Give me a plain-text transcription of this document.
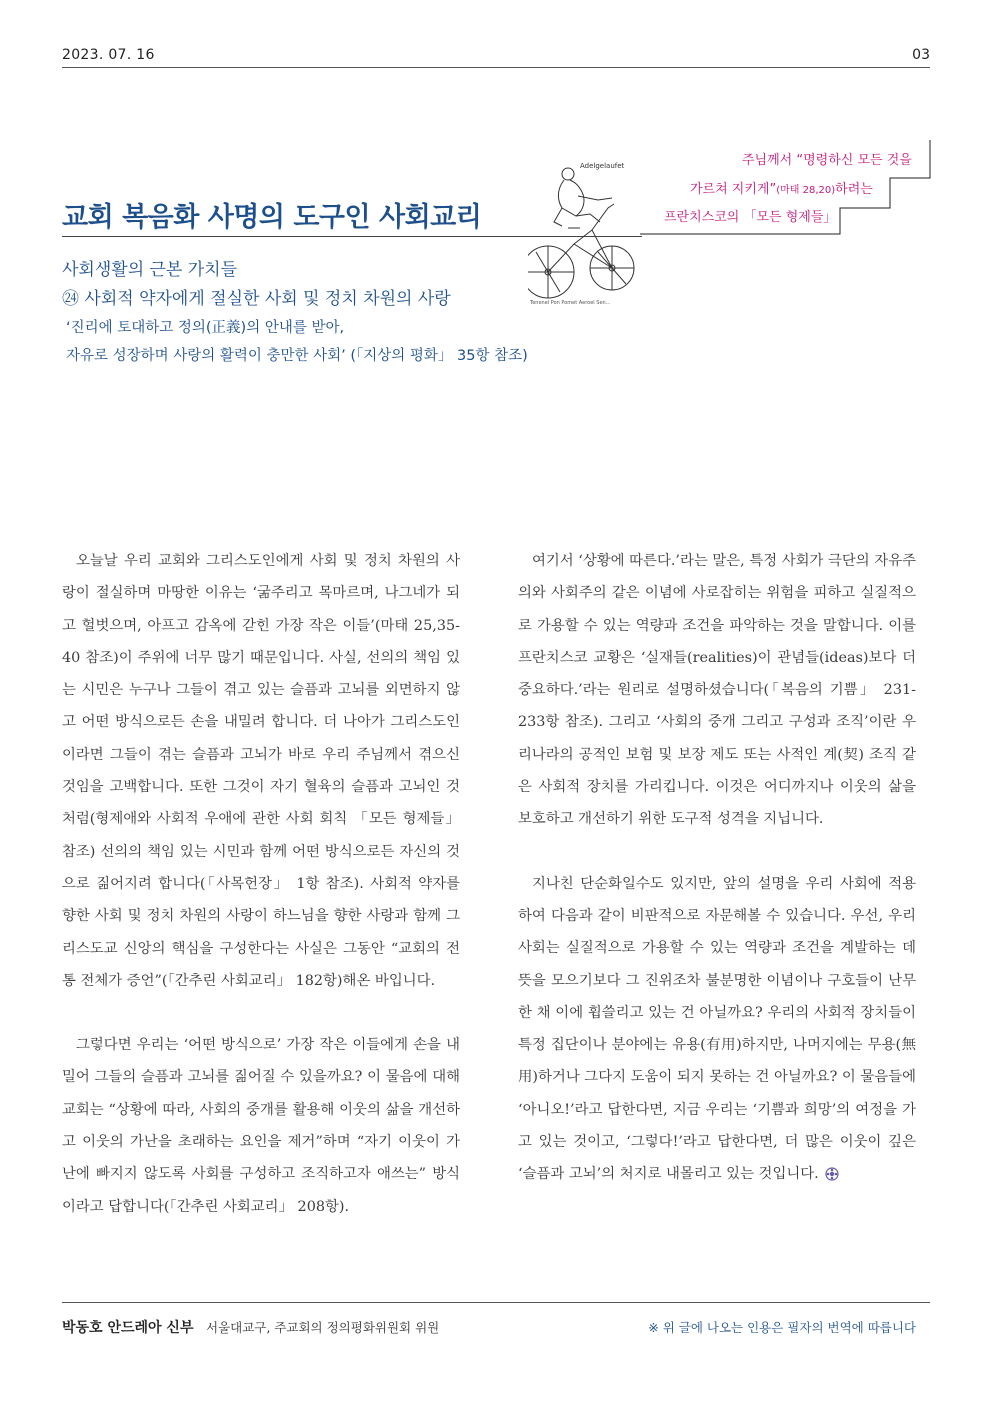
2023. 07. 16	03
교회 복음화 사명의 도구인 사회교리
사회생활의 근본 가치들
㉔ 사회적 약자에게 절실한 사회 및 정치 차원의 사랑
‘진리에 토대하고 정의(正義)의 안내를 받아,
자유로 성장하며 사랑의 활력이 충만한 사회’ (「지상의 평화」 35항 참조)
Adelgelaufet
Tenenel Pon Pomet Aeroel Sen...
주님께서 “명령하신 모든 것을
가르쳐 지키게”(마태 28,20)하려는
프란치스코의 「모든 형제들」

오늘날 우리 교회와 그리스도인에게 사회 및 정치 차원의 사랑이 절실하며 마땅한 이유는 ‘굶주리고 목마르며, 나그네가 되고 헐벗으며, 아프고 감옥에 갇힌 가장 작은 이들’(마태 25,35-40 참조)이 주위에 너무 많기 때문입니다. 사실, 선의의 책임 있는 시민은 누구나 그들이 겪고 있는 슬픔과 고뇌를 외면하지 않고 어떤 방식으로든 손을 내밀려 합니다. 더 나아가 그리스도인이라면 그들이 겪는 슬픔과 고뇌가 바로 우리 주님께서 겪으신 것임을 고백합니다. 또한 그것이 자기 혈육의 슬픔과 고뇌인 것처럼(형제애와 사회적 우애에 관한 사회 회칙 「모든 형제들」 참조) 선의의 책임 있는 시민과 함께 어떤 방식으로든 자신의 것으로 짊어지려 합니다(「사목헌장」 1항 참조). 사회적 약자를 향한 사회 및 정치 차원의 사랑이 하느님을 향한 사랑과 함께 그리스도교 신앙의 핵심을 구성한다는 사실은 그동안 “교회의 전통 전체가 증언”(「간추린 사회교리」 182항)해온 바입니다.

그렇다면 우리는 ‘어떤 방식으로’ 가장 작은 이들에게 손을 내밀어 그들의 슬픔과 고뇌를 짊어질 수 있을까요? 이 물음에 대해 교회는 “상황에 따라, 사회의 중개를 활용해 이웃의 삶을 개선하고 이웃의 가난을 초래하는 요인을 제거”하며 “자기 이웃이 가난에 빠지지 않도록 사회를 구성하고 조직하고자 애쓰는” 방식이라고 답합니다(「간추린 사회교리」 208항).

여기서 ‘상황에 따른다.’라는 말은, 특정 사회가 극단의 자유주의와 사회주의 같은 이념에 사로잡히는 위험을 피하고 실질적으로 가용할 수 있는 역량과 조건을 파악하는 것을 말합니다. 이를 프란치스코 교황은 ‘실재들(realities)이 관념들(ideas)보다 더 중요하다.’라는 원리로 설명하셨습니다(「복음의 기쁨」 231-233항 참조). 그리고 ‘사회의 중개 그리고 구성과 조직’이란 우리나라의 공적인 보험 및 보장 제도 또는 사적인 계(契) 조직 같은 사회적 장치를 가리킵니다. 이것은 어디까지나 이웃의 삶을 보호하고 개선하기 위한 도구적 성격을 지닙니다.

지나친 단순화일수도 있지만, 앞의 설명을 우리 사회에 적용하여 다음과 같이 비판적으로 자문해볼 수 있습니다. 우선, 우리 사회는 실질적으로 가용할 수 있는 역량과 조건을 계발하는 데 뜻을 모으기보다 그 진위조차 불분명한 이념이나 구호들이 난무한 채 이에 휩쓸리고 있는 건 아닐까요? 우리의 사회적 장치들이 특정 집단이나 분야에는 유용(有用)하지만, 나머지에는 무용(無用)하거나 그다지 도움이 되지 못하는 건 아닐까요? 이 물음들에 ‘아니오!’라고 답한다면, 지금 우리는 ‘기쁨과 희망’의 여정을 가고 있는 것이고, ‘그렇다!’라고 답한다면, 더 많은 이웃이 깊은 ‘슬픔과 고뇌’의 처지로 내몰리고 있는 것입니다.

박동호 안드레아 신부 서울대교구, 주교회의 정의평화위원회 위원	※ 위 글에 나오는 인용은 필자의 번역에 따릅니다
